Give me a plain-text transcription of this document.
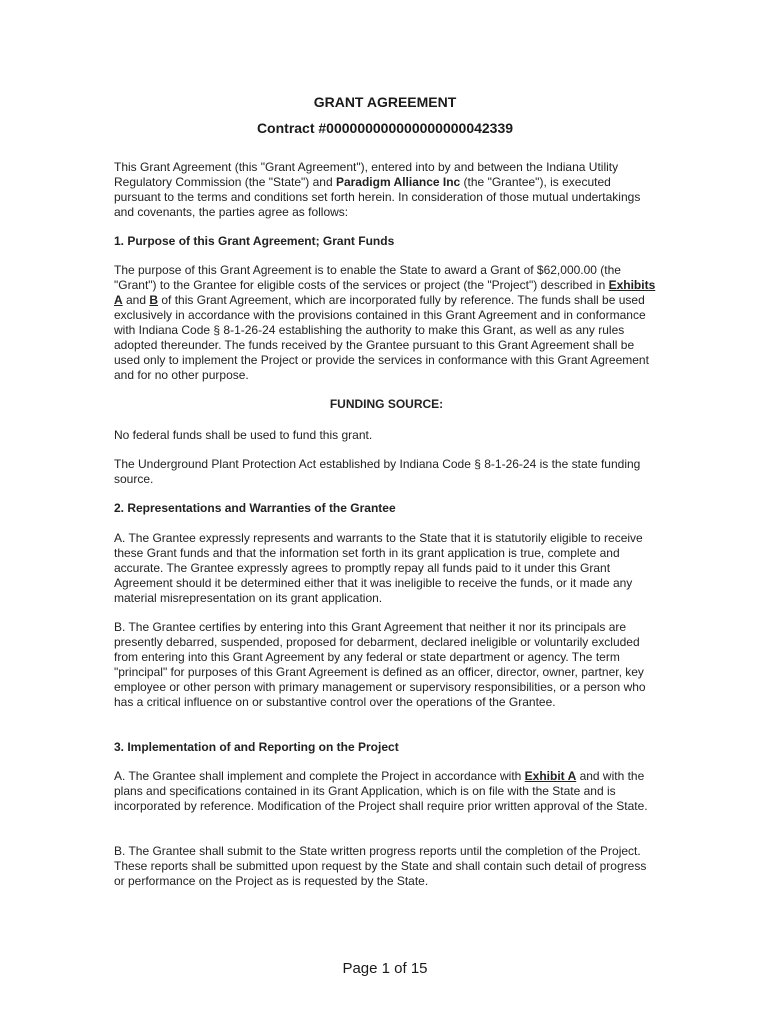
GRANT AGREEMENT
Contract #000000000000000000042339

This Grant Agreement (this "Grant Agreement"), entered into by and between the Indiana Utility Regulatory Commission (the "State") and Paradigm Alliance Inc (the "Grantee"), is executed pursuant to the terms and conditions set forth herein. In consideration of those mutual undertakings and covenants, the parties agree as follows:

1. Purpose of this Grant Agreement; Grant Funds

The purpose of this Grant Agreement is to enable the State to award a Grant of $62,000.00 (the "Grant") to the Grantee for eligible costs of the services or project (the "Project") described in Exhibits A and B of this Grant Agreement, which are incorporated fully by reference. The funds shall be used exclusively in accordance with the provisions contained in this Grant Agreement and in conformance with Indiana Code § 8-1-26-24 establishing the authority to make this Grant, as well as any rules adopted thereunder. The funds received by the Grantee pursuant to this Grant Agreement shall be used only to implement the Project or provide the services in conformance with this Grant Agreement and for no other purpose.

FUNDING SOURCE:

No federal funds shall be used to fund this grant.

The Underground Plant Protection Act established by Indiana Code § 8-1-26-24 is the state funding source.

2. Representations and Warranties of the Grantee

A. The Grantee expressly represents and warrants to the State that it is statutorily eligible to receive these Grant funds and that the information set forth in its grant application is true, complete and accurate. The Grantee expressly agrees to promptly repay all funds paid to it under this Grant Agreement should it be determined either that it was ineligible to receive the funds, or it made any material misrepresentation on its grant application.

B. The Grantee certifies by entering into this Grant Agreement that neither it nor its principals are presently debarred, suspended, proposed for debarment, declared ineligible or voluntarily excluded from entering into this Grant Agreement by any federal or state department or agency. The term "principal" for purposes of this Grant Agreement is defined as an officer, director, owner, partner, key employee or other person with primary management or supervisory responsibilities, or a person who has a critical influence on or substantive control over the operations of the Grantee.

3. Implementation of and Reporting on the Project

A. The Grantee shall implement and complete the Project in accordance with Exhibit A and with the plans and specifications contained in its Grant Application, which is on file with the State and is incorporated by reference. Modification of the Project shall require prior written approval of the State.

B. The Grantee shall submit to the State written progress reports until the completion of the Project. These reports shall be submitted upon request by the State and shall contain such detail of progress or performance on the Project as is requested by the State.

Page 1 of 15
